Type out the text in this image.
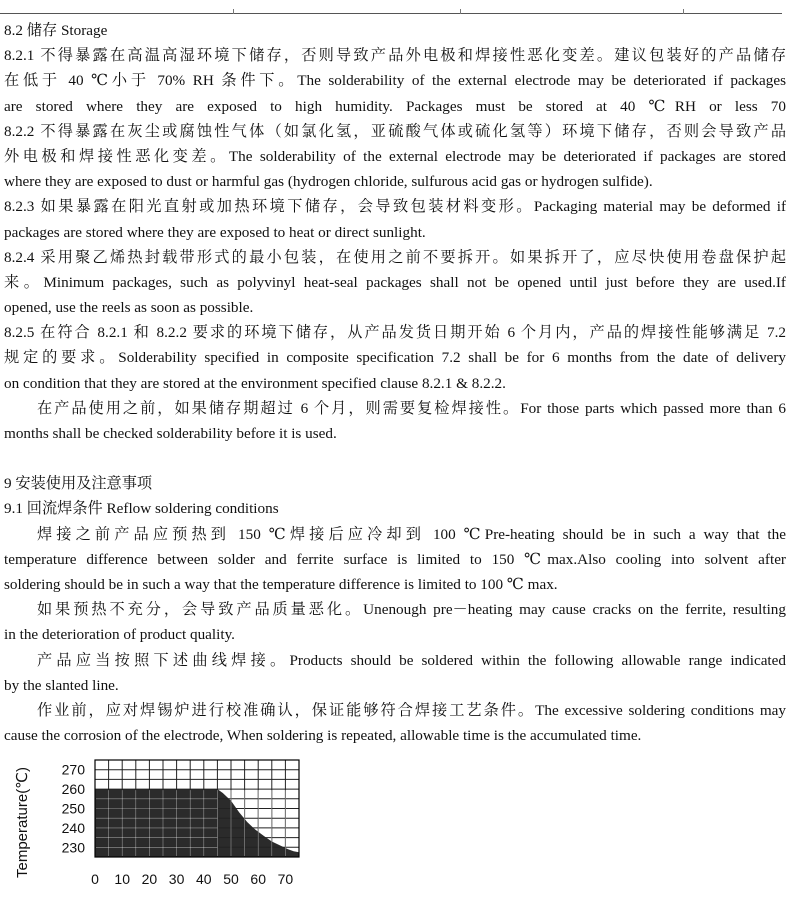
8.2 储存 Storage
8.2.1 不得暴露在高温高湿环境下储存，否则导致产品外电极和焊接性恶化变差。建议包装好的产品储存
在低于 40 ℃小于 70% RH 条件下。The solderability of the external electrode may be deteriorated if packages
are stored where they are exposed to high humidity. Packages must be stored at 40 ℃RH or less 70
8.2.2 不得暴露在灰尘或腐蚀性气体（如氯化氢，亚硫酸气体或硫化氢等）环境下储存，否则会导致产品
外电极和焊接性恶化变差。The solderability of the external electrode may be deteriorated if packages are stored
where they are exposed to dust or harmful gas (hydrogen chloride, sulfurous acid gas or hydrogen sulfide).
8.2.3 如果暴露在阳光直射或加热环境下储存，会导致包装材料变形。Packaging material may be deformed if
packages are stored where they are exposed to heat or direct sunlight.
8.2.4 采用聚乙烯热封载带形式的最小包装，在使用之前不要拆开。如果拆开了，应尽快使用卷盘保护起
来。Minimum packages, such as polyvinyl heat-seal packages shall not be opened until just before they are used.If
opened, use the reels as soon as possible.
8.2.5 在符合 8.2.1 和 8.2.2 要求的环境下储存，从产品发货日期开始 6 个月内，产品的焊接性能够满足 7.2
规定的要求。Solderability specified in composite specification 7.2 shall be for 6 months from the date of delivery
on condition that they are stored at the environment specified clause 8.2.1 & 8.2.2.
在产品使用之前，如果储存期超过 6 个月，则需要复检焊接性。For those parts which passed more than 6
months shall be checked solderability before it is used.
9 安装使用及注意事项
9.1 回流焊条件 Reflow soldering conditions
焊接之前产品应预热到 150 ℃焊接后应冷却到 100 ℃Pre-heating should be in such a way that the
temperature difference between solder and ferrite surface is limited to 150 ℃max.Also cooling into solvent after
soldering should be in such a way that the temperature difference is limited to 100 ℃ max.
如果预热不充分，会导致产品质量恶化。Unenough pre－heating may cause cracks on the ferrite, resulting
in the deterioration of product quality.
产品应当按照下述曲线焊接。Products should be soldered within the following allowable range indicated
by the slanted line.
作业前，应对焊锡炉进行校准确认，保证能够符合焊接工艺条件。The excessive soldering conditions may
cause the corrosion of the electrode, When soldering is repeated, allowable time is the accumulated time.
270
260
250
240
230
0 10 20 30 40 50 60 70
Temperature(℃)
